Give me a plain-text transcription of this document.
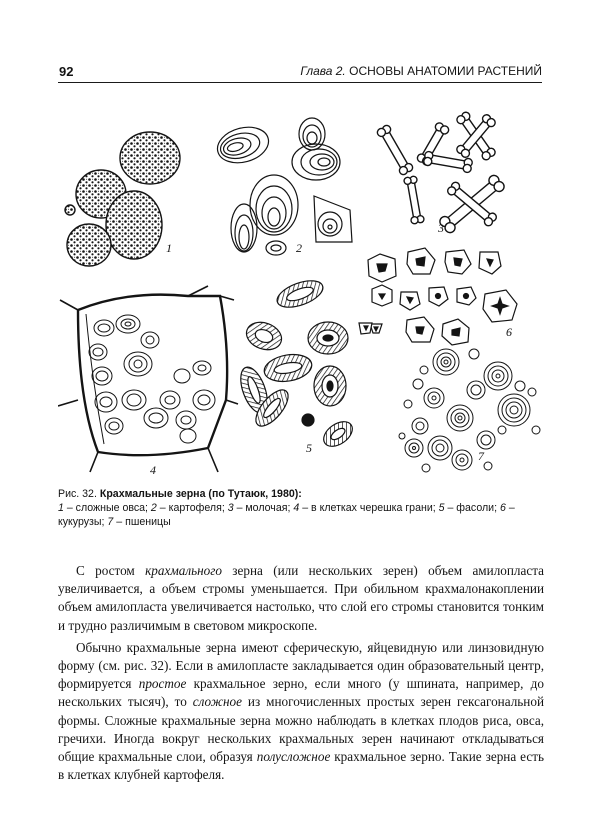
92	Глава 2. ОСНОВЫ АНАТОМИИ РАСТЕНИЙ
1	2
3
4
5
6
7
Рис. 32. Крахмальные зерна (по Тутаюк, 1980):
1 – сложные овса; 2 – картофеля; 3 – молочая; 4 – в клетках черешка грани; 5 – фасоли; 6 – кукурузы; 7 – пшеницы

С ростом крахмального зерна (или нескольких зерен) объем амилопласта увеличивается, а объем стромы уменьшается. При обильном крахмалонакоплении объем амилопласта увеличивается настолько, что слой его стромы становится тонким и трудно различимым в световом микроскопе.

Обычно крахмальные зерна имеют сферическую, яйцевидную или линзовидную форму (см. рис. 32). Если в амилопласте закладывается один образовательный центр, формируется простое крахмальное зерно, если много (у шпината, например, до нескольких тысяч), то сложное из многочисленных простых зерен гексагональной формы. Сложные крахмальные зерна можно наблюдать в клетках плодов риса, овса, гречихи. Иногда вокруг нескольких крахмальных зерен начинают откладываться общие крахмальные слои, образуя полусложное крахмальное зерно. Такие зерна есть в клетках клубней картофеля.
